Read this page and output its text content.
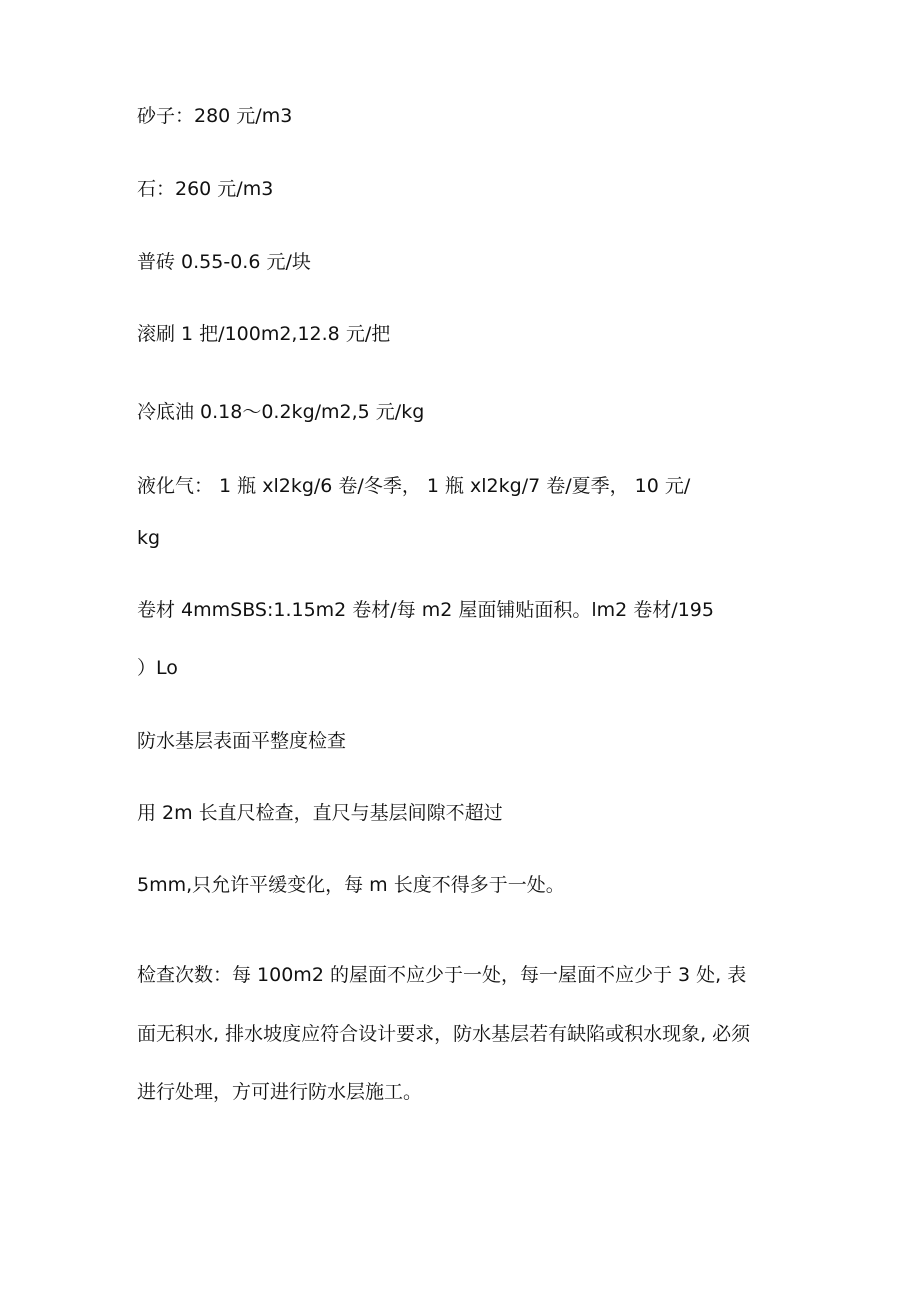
砂子：280 元/m3
石：260 元/m3
普砖 0.55-0.6 元/块
滚刷 1 把/100m2,12.8 元/把
冷底油 0.18～0.2kg/m2,5 元/kg
液化气： 1 瓶 xl2kg/6 卷/冬季， 1 瓶 xl2kg/7 卷/夏季， 10 元/
kg
卷材 4mmSBS:1.15m2 卷材/每 m2 屋面铺贴面积。lm2 卷材/195
）Lo
防水基层表面平整度检查
用 2m 长直尺检查，直尺与基层间隙不超过
5mm,只允许平缓变化，每 m 长度不得多于一处。
检查次数：每 100m2 的屋面不应少于一处，每一屋面不应少于 3 处, 表
面无积水, 排水坡度应符合设计要求，防水基层若有缺陷或积水现象, 必须
进行处理，方可进行防水层施工。
